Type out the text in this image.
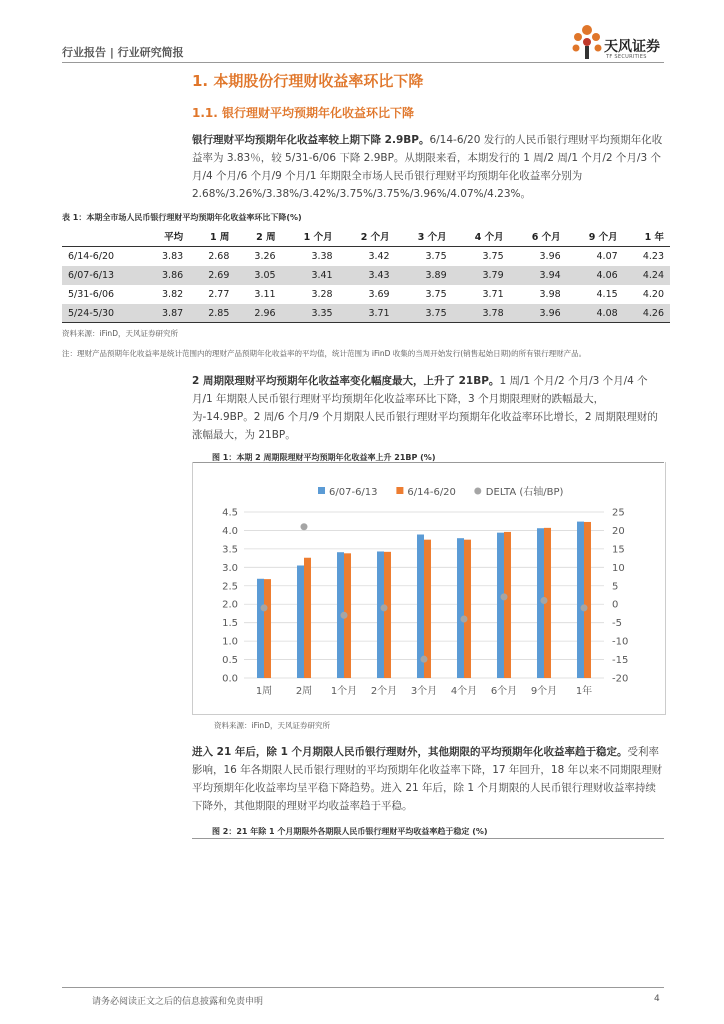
行业报告 | 行业研究简报	天风证券
TF SECURITIES
1. 本期股份行理财收益率环比下降
1.1. 银行理财平均预期年化收益环比下降
银行理财平均预期年化收益率较上期下降 2.9BP。6/14-6/20 发行的人民币银行理财平均预期年化收益率为 3.83％，较 5/31-6/06 下降 2.9BP。从期限来看，本期发行的 1 周/2 周/1 个月/2 个月/3 个月/4 个月/6 个月/9 个月/1 年期限全市场人民币银行理财平均预期年化收益率分别为 2.68%/3.26%/3.38%/3.42%/3.75%/3.75%/3.96%/4.07%/4.23%。
表 1：本期全市场人民币银行理财平均预期年化收益率环比下降(%)
	平均	1 周	2 周	1 个月	2 个月	3 个月	4 个月	6 个月	9 个月	1 年
6/14-6/20	3.83	2.68	3.26	3.38	3.42	3.75	3.75	3.96	4.07	4.23
6/07-6/13	3.86	2.69	3.05	3.41	3.43	3.89	3.79	3.94	4.06	4.24
5/31-6/06	3.82	2.77	3.11	3.28	3.69	3.75	3.71	3.98	4.15	4.20
5/24-5/30	3.87	2.85	2.96	3.35	3.71	3.75	3.78	3.96	4.08	4.26
资料来源：iFinD，天风证券研究所
注：理财产品预期年化收益率是统计范围内的理财产品预期年化收益率的平均值，统计范围为 iFinD 收集的当周开始发行(销售起始日期)的所有银行理财产品。
2 周期限理财平均预期年化收益率变化幅度最大，上升了 21BP。1 周/1 个月/2 个月/3 个月/4 个月/1 年期限人民币银行理财平均预期年化收益率环比下降，3 个月期限理财的跌幅最大，为-14.9BP。2 周/6 个月/9 个月期限人民币银行理财平均预期年化收益率环比增长，2 周期限理财的涨幅最大，为 21BP。
图 1：本期 2 周期限理财平均预期年化收益率上升 21BP (%)
0.0
0.5
1.0
1.5
2.0
2.5
3.0
3.5
4.0
4.5
-20
-15
-10
-5
0
5
10
15
20
25
1周 2周 1个月 2个月 3个月 4个月 6个月 9个月 1年
6/07-6/13	6/14-6/20	DELTA (右轴/BP)
资料来源：iFinD，天风证券研究所
进入 21 年后，除 1 个月期限人民币银行理财外，其他期限的平均预期年化收益率趋于稳定。受利率影响，16 年各期限人民币银行理财的平均预期年化收益率下降，17 年回升，18 年以来不同期限理财平均预期年化收益率均呈平稳下降趋势。进入 21 年后，除 1 个月期限的人民币银行理财收益率持续下降外，其他期限的理财平均收益率趋于平稳。
图 2：21 年除 1 个月期限外各期限人民币银行理财平均收益率趋于稳定 (%)
请务必阅读正文之后的信息披露和免责申明	4
